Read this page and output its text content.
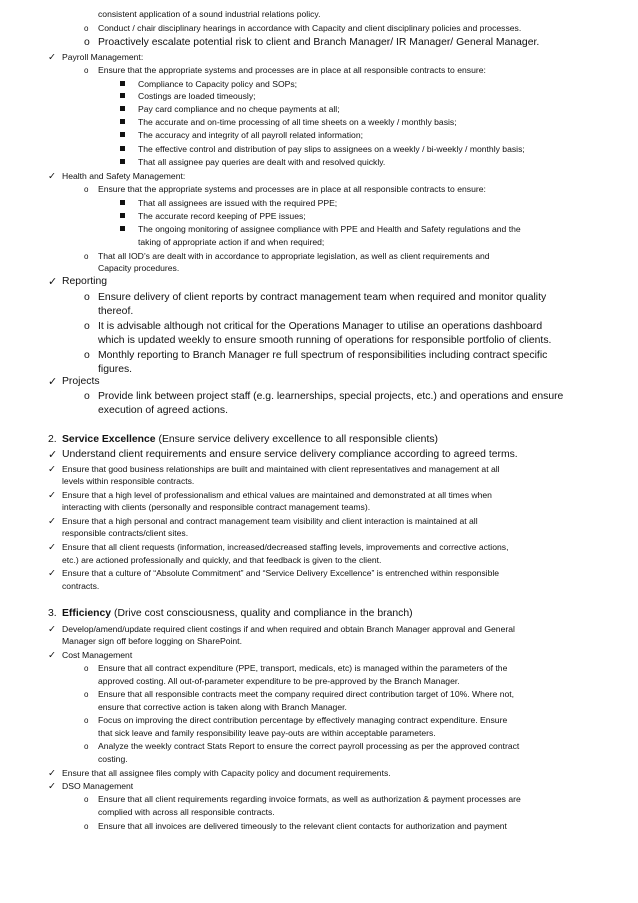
consistent application of a sound industrial relations policy.
o Conduct / chair disciplinary hearings in accordance with Capacity and client disciplinary policies and processes.
o Proactively escalate potential risk to client and Branch Manager/ IR Manager/ General Manager.
✓ Payroll Management:
o Ensure that the appropriate systems and processes are in place at all responsible contracts to ensure:
Compliance to Capacity policy and SOPs;
Costings are loaded timeously;
Pay card compliance and no cheque payments at all;
The accurate and on-time processing of all time sheets on a weekly / monthly basis;
The accuracy and integrity of all payroll related information;
The effective control and distribution of pay slips to assignees on a weekly / bi-weekly / monthly basis;
That all assignee pay queries are dealt with and resolved quickly.
✓ Health and Safety Management:
o Ensure that the appropriate systems and processes are in place at all responsible contracts to ensure:
That all assignees are issued with the required PPE;
The accurate record keeping of PPE issues;
The ongoing monitoring of assignee compliance with PPE and Health and Safety regulations and the
taking of appropriate action if and when required;
o That all IOD’s are dealt with in accordance to appropriate legislation, as well as client requirements and
Capacity procedures.
✓ Reporting
o Ensure delivery of client reports by contract management team when required and monitor quality
thereof.
o It is advisable although not critical for the Operations Manager to utilise an operations dashboard
which is updated weekly to ensure smooth running of operations for responsible portfolio of clients.
o Monthly reporting to Branch Manager re full spectrum of responsibilities including contract specific
figures.
✓ Projects
o Provide link between project staff (e.g. learnerships, special projects, etc.) and operations and ensure
execution of agreed actions.
2. Service Excellence (Ensure service delivery excellence to all responsible clients)
✓ Understand client requirements and ensure service delivery compliance according to agreed terms.
✓ Ensure that good business relationships are built and maintained with client representatives and management at all
levels within responsible contracts.
✓ Ensure that a high level of professionalism and ethical values are maintained and demonstrated at all times when
interacting with clients (personally and responsible contract management teams).
✓ Ensure that a high personal and contract management team visibility and client interaction is maintained at all
responsible contracts/client sites.
✓ Ensure that all client requests (information, increased/decreased staffing levels, improvements and corrective actions,
etc.) are actioned professionally and quickly, and that feedback is given to the client.
✓ Ensure that a culture of “Absolute Commitment” and “Service Delivery Excellence” is entrenched within responsible
contracts.
3. Efficiency (Drive cost consciousness, quality and compliance in the branch)
✓ Develop/amend/update required client costings if and when required and obtain Branch Manager approval and General
Manager sign off before logging on SharePoint.
✓ Cost Management
o Ensure that all contract expenditure (PPE, transport, medicals, etc) is managed within the parameters of the
approved costing. All out-of-parameter expenditure to be pre-approved by the Branch Manager.
o Ensure that all responsible contracts meet the company required direct contribution target of 10%. Where not,
ensure that corrective action is taken along with Branch Manager.
o Focus on improving the direct contribution percentage by effectively managing contract expenditure. Ensure
that sick leave and family responsibility leave pay-outs are within acceptable parameters.
o Analyze the weekly contract Stats Report to ensure the correct payroll processing as per the approved contract
costing.
✓ Ensure that all assignee files comply with Capacity policy and document requirements.
✓ DSO Management
o Ensure that all client requirements regarding invoice formats, as well as authorization & payment processes are
complied with across all responsible contracts.
o Ensure that all invoices are delivered timeously to the relevant client contacts for authorization and payment
